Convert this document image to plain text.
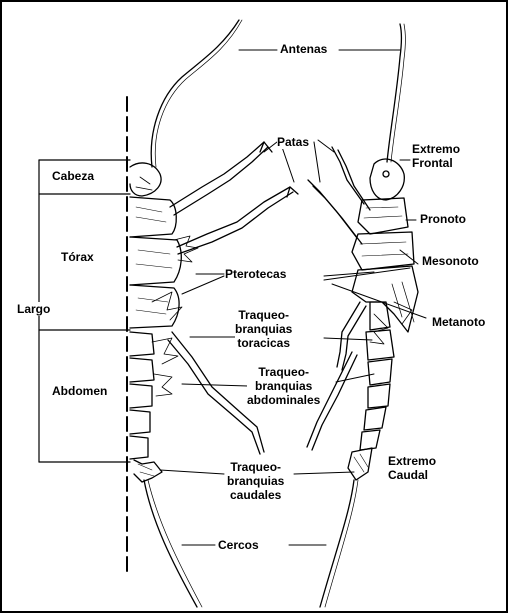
Antenas
Patas	Extremo
Frontal
Cabeza
Pronoto
Tórax	Mesonoto
Pterotecas
Largo	Traqueo-
branquias
toracicas
Metanoto
Traqueo-
branquias
abdominales
Abdomen
Traqueo-
branquias
caudales
Extremo
Caudal
Cercos
